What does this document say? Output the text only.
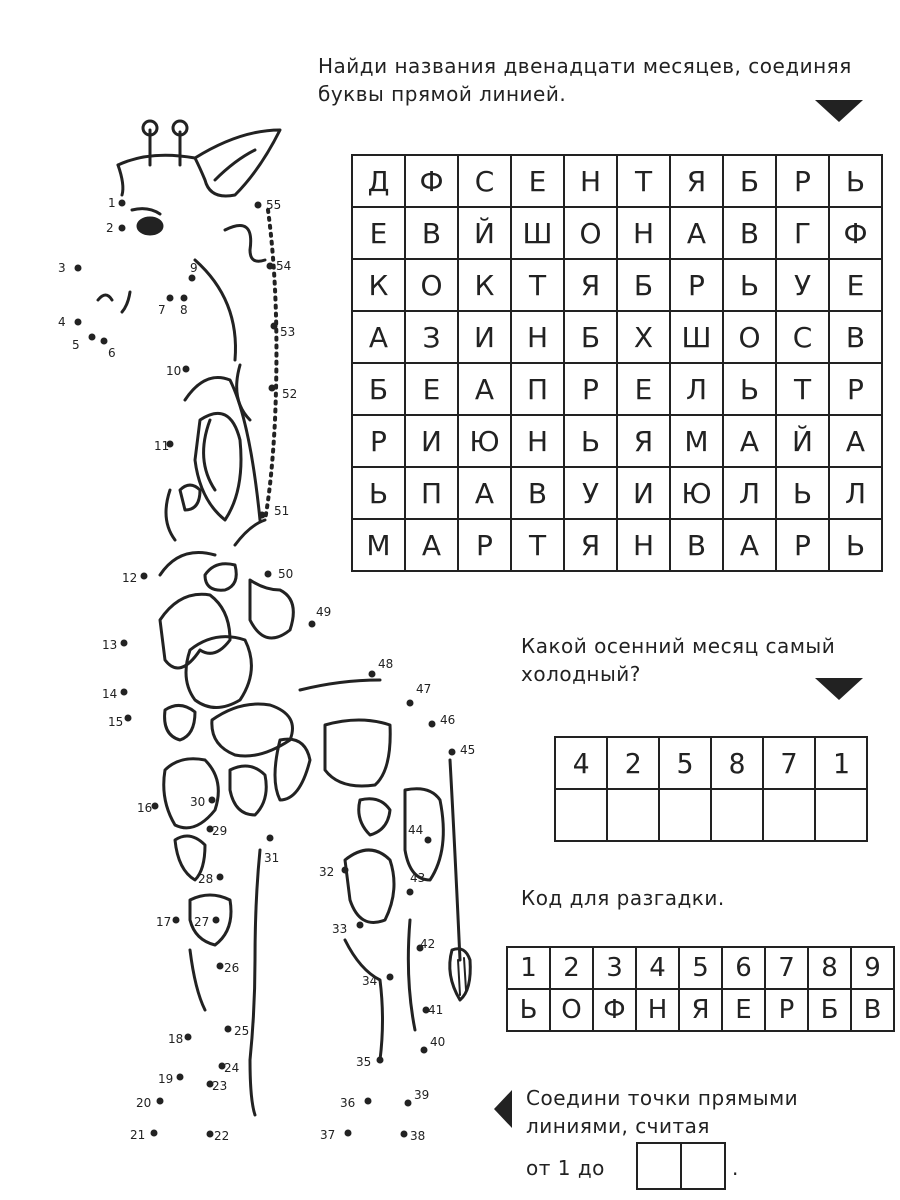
Найди названия двенадцати месяцев, соединяя
буквы прямой линией.
Д	Ф	С	Е	Н	Т	Я	Б	Р	Ь
Е	В	Й	Ш	О	Н	А	В	Г	Ф
К	О	К	Т	Я	Б	Р	Ь	У	Е
А	З	И	Н	Б	Х	Ш	О	С	В
Б	Е	А	П	Р	Е	Л	Ь	Т	Р
Р	И	Ю	Н	Ь	Я	М	А	Й	А
Ь	П	А	В	У	И	Ю	Л	Ь	Л
М	А	Р	Т	Я	Н	В	А	Р	Ь
Какой осенний месяц самый
холодный?
4	2	5	8	7	1

Код для разгадки.
1	2	3	4	5	6	7	8	9
Ь	О	Ф	Н	Я	Е	Р	Б	В
Соедини точки прямыми
линиями, считая
от 1 до	.
1
2
3
4
5
6
7 8
9
10
11
12
13
14
15
16
17
18
19
20
21	22
23
24
25
26
27
28
29
30
31
32
33
34
35
36
37	38
39
40
41
42
43
44
45
46
47
48
49
50
51
52
53
54
55
